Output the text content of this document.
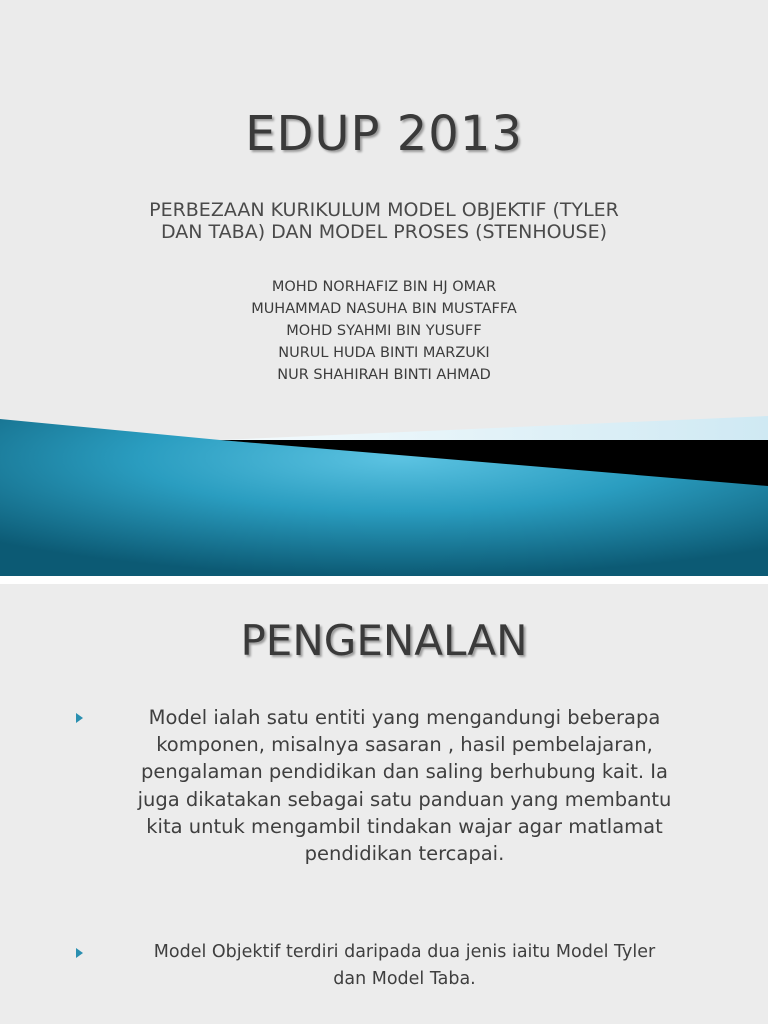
EDUP 2013
PERBEZAAN KURIKULUM MODEL OBJEKTIF (TYLER
DAN TABA) DAN MODEL PROSES (STENHOUSE)
MOHD NORHAFIZ BIN HJ OMAR
MUHAMMAD NASUHA BIN MUSTAFFA
MOHD SYAHMI BIN YUSUFF
NURUL HUDA BINTI MARZUKI
NUR SHAHIRAH BINTI AHMAD
PENGENALAN
Model ialah satu entiti yang mengandungi beberapa
komponen, misalnya sasaran , hasil pembelajaran,
pengalaman pendidikan dan saling berhubung kait. Ia
juga dikatakan sebagai satu panduan yang membantu
kita untuk mengambil tindakan wajar agar matlamat
pendidikan tercapai.
Model Objektif terdiri daripada dua jenis iaitu Model Tyler
dan Model Taba.
